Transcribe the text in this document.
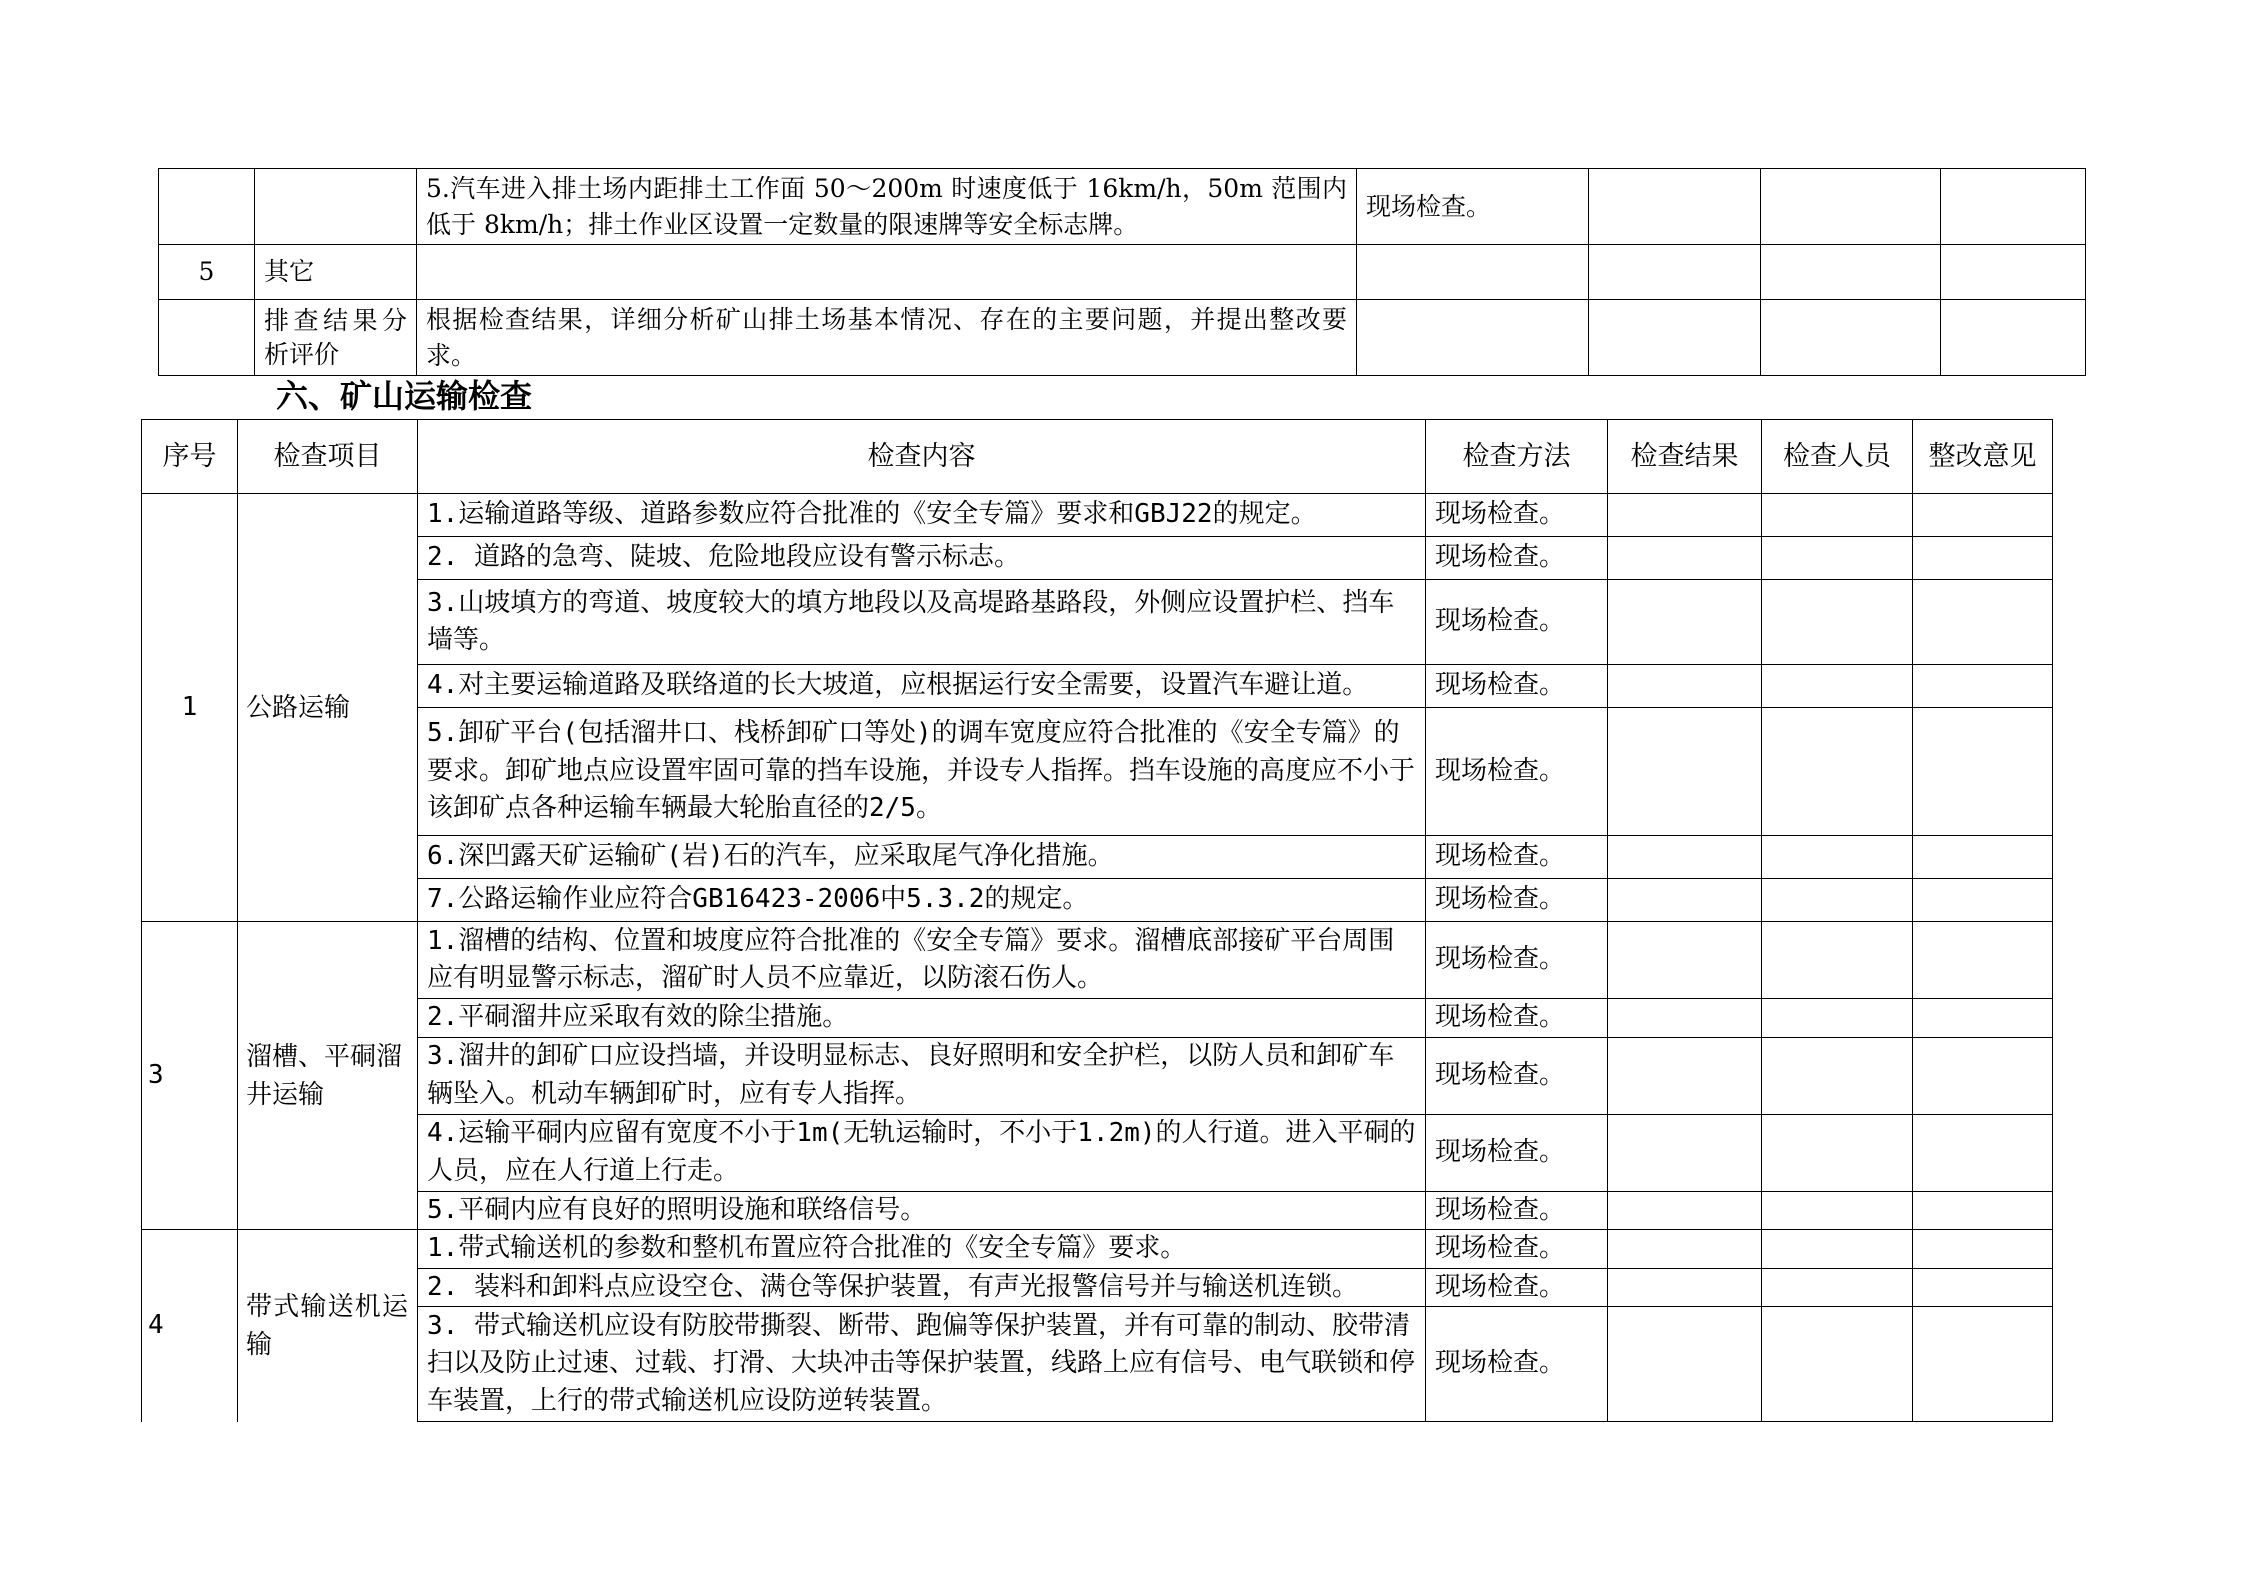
		5.汽车进入排土场内距排土工作面 50～200m 时速度低于 16km/h，50m 范围内低于 8km/h；排土作业区设置一定数量的限速牌等安全标志牌。	现场检查。			
5	其它					
	排查结果分析评价	根据检查结果，详细分析矿山排土场基本情况、存在的主要问题，并提出整改要求。				
六、矿山运输检查
序号	检查项目	检查内容	检查方法	检查结果	检查人员	整改意见
1	公路运输	1.运输道路等级、道路参数应符合批准的《安全专篇》要求和GBJ22的规定。	现场检查。			
		2. 道路的急弯、陡坡、危险地段应设有警示标志。	现场检查。			
		3.山坡填方的弯道、坡度较大的填方地段以及高堤路基路段，外侧应设置护栏、挡车墙等。	现场检查。			
		4.对主要运输道路及联络道的长大坡道，应根据运行安全需要，设置汽车避让道。	现场检查。			
		5.卸矿平台(包括溜井口、栈桥卸矿口等处)的调车宽度应符合批准的《安全专篇》的要求。卸矿地点应设置牢固可靠的挡车设施，并设专人指挥。挡车设施的高度应不小于该卸矿点各种运输车辆最大轮胎直径的2/5。	现场检查。			
		6.深凹露天矿运输矿(岩)石的汽车，应采取尾气净化措施。	现场检查。			
		7.公路运输作业应符合GB16423-2006中5.3.2的规定。	现场检查。			
3	溜槽、平硐溜井运输	1.溜槽的结构、位置和坡度应符合批准的《安全专篇》要求。溜槽底部接矿平台周围应有明显警示标志，溜矿时人员不应靠近，以防滚石伤人。	现场检查。			
		2.平硐溜井应采取有效的除尘措施。	现场检查。			
		3.溜井的卸矿口应设挡墙，并设明显标志、良好照明和安全护栏，以防人员和卸矿车辆坠入。机动车辆卸矿时，应有专人指挥。	现场检查。			
		4.运输平硐内应留有宽度不小于1m(无轨运输时，不小于1.2m)的人行道。进入平硐的人员，应在人行道上行走。	现场检查。			
		5.平硐内应有良好的照明设施和联络信号。	现场检查。			
4	带式输送机运输	1.带式输送机的参数和整机布置应符合批准的《安全专篇》要求。	现场检查。			
		2. 装料和卸料点应设空仓、满仓等保护装置，有声光报警信号并与输送机连锁。	现场检查。			
		3. 带式输送机应设有防胶带撕裂、断带、跑偏等保护装置，并有可靠的制动、胶带清扫以及防止过速、过载、打滑、大块冲击等保护装置，线路上应有信号、电气联锁和停车装置，上行的带式输送机应设防逆转装置。	现场检查。			
